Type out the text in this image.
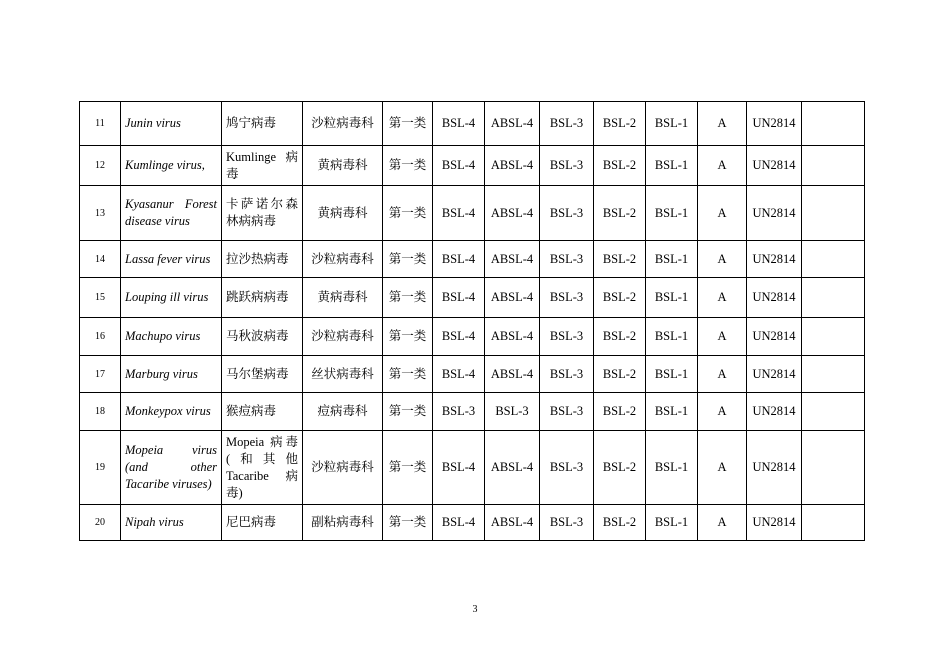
11	Junin virus	鸠宁病毒	沙粒病毒科	第一类	BSL-4	ABSL-4	BSL-3	BSL-2	BSL-1	A	UN2814	
12	Kumlinge virus,	Kumlinge 病毒	黄病毒科	第一类	BSL-4	ABSL-4	BSL-3	BSL-2	BSL-1	A	UN2814	
13	Kyasanur Forest disease virus	卡萨诺尔森林病病毒	黄病毒科	第一类	BSL-4	ABSL-4	BSL-3	BSL-2	BSL-1	A	UN2814	
14	Lassa fever virus	拉沙热病毒	沙粒病毒科	第一类	BSL-4	ABSL-4	BSL-3	BSL-2	BSL-1	A	UN2814	
15	Louping ill virus	跳跃病病毒	黄病毒科	第一类	BSL-4	ABSL-4	BSL-3	BSL-2	BSL-1	A	UN2814	
16	Machupo virus	马秋波病毒	沙粒病毒科	第一类	BSL-4	ABSL-4	BSL-3	BSL-2	BSL-1	A	UN2814	
17	Marburg virus	马尔堡病毒	丝状病毒科	第一类	BSL-4	ABSL-4	BSL-3	BSL-2	BSL-1	A	UN2814	
18	Monkeypox virus	猴痘病毒	痘病毒科	第一类	BSL-3	BSL-3	BSL-3	BSL-2	BSL-1	A	UN2814	
19	Mopeia virus (and other Tacaribe viruses)	Mopeia 病毒(和其他 Tacaribe 病毒)	沙粒病毒科	第一类	BSL-4	ABSL-4	BSL-3	BSL-2	BSL-1	A	UN2814	
20	Nipah virus	尼巴病毒	副粘病毒科	第一类	BSL-4	ABSL-4	BSL-3	BSL-2	BSL-1	A	UN2814	
3
